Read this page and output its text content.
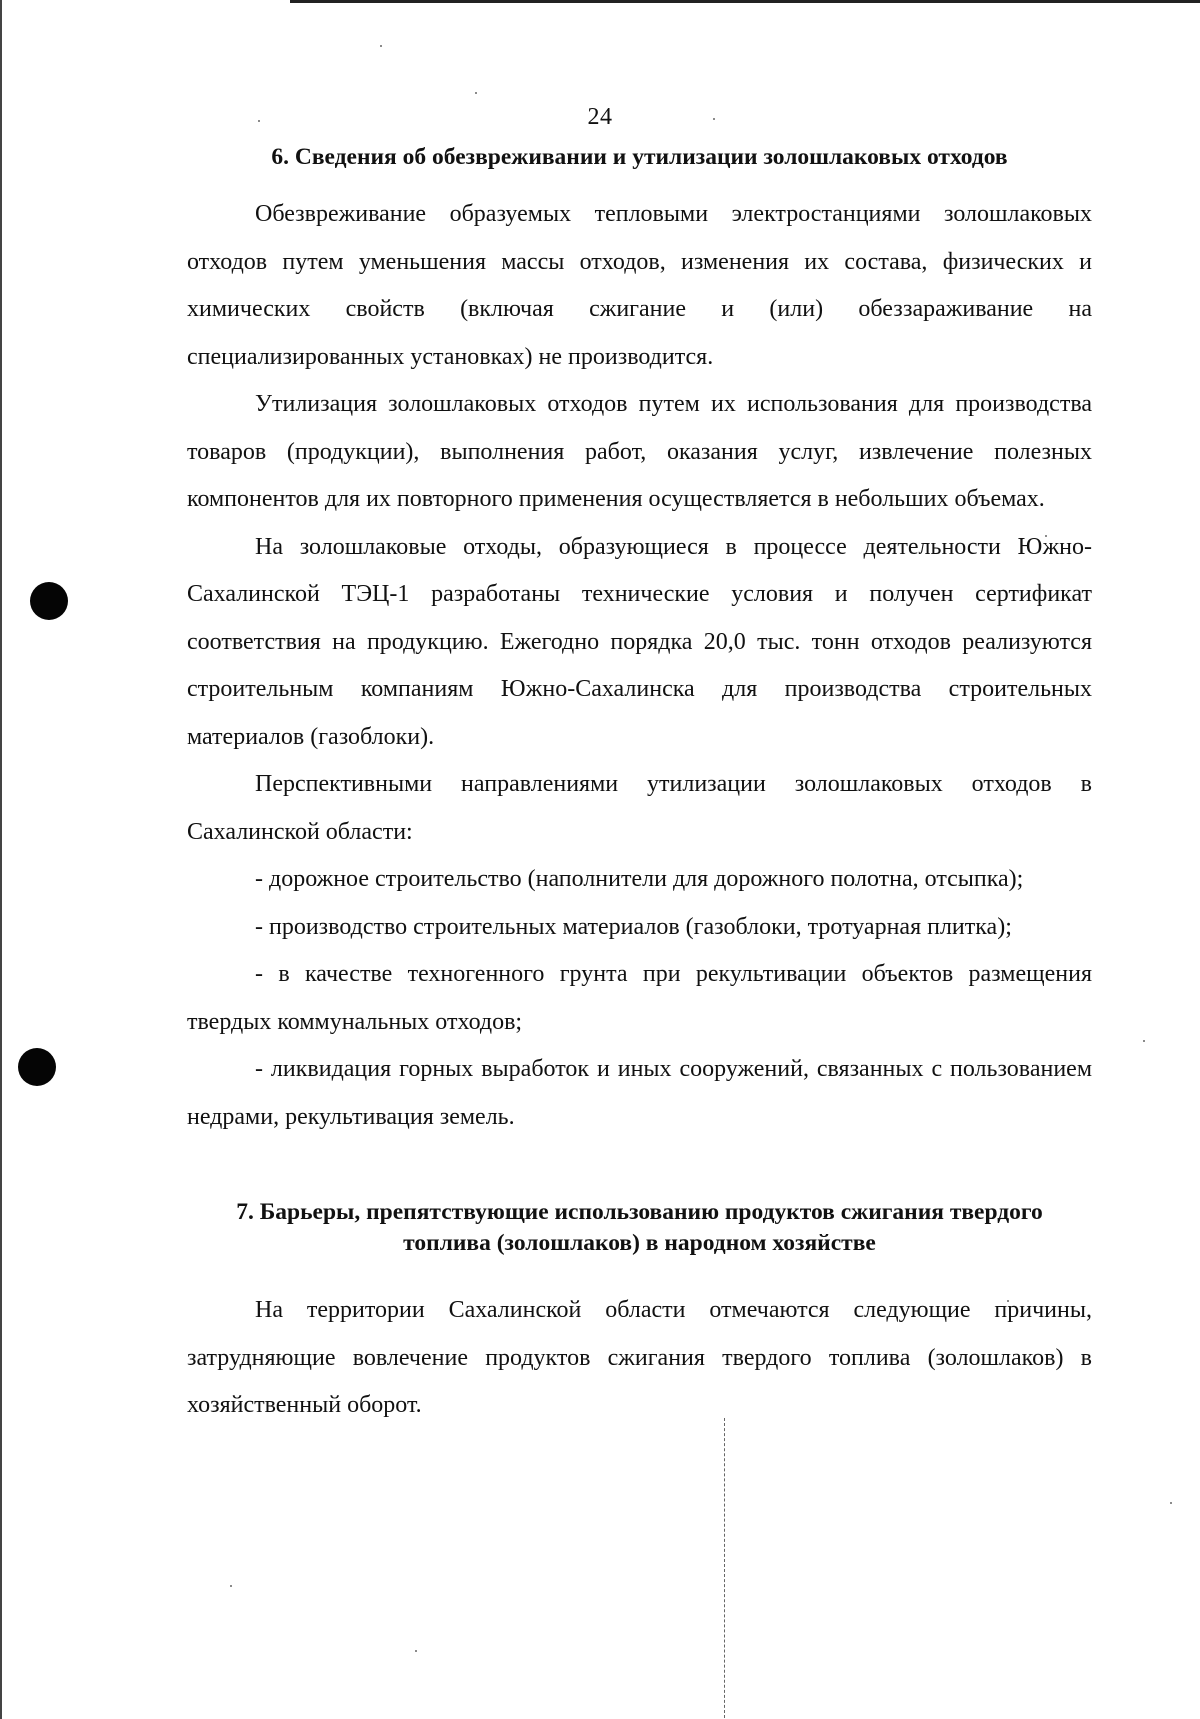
24
6. Сведения об обезвреживании и утилизации золошлаковых отходов

Обезвреживание образуемых тепловыми электростанциями золошлаковых отходов путем уменьшения массы отходов, изменения их состава, физических и химических свойств (включая сжигание и (или) обеззараживание на специализированных установках) не производится.

Утилизация золошлаковых отходов путем их использования для производства товаров (продукции), выполнения работ, оказания услуг, извлечение полезных компонентов для их повторного применения осуществляется в небольших объемах.

На золошлаковые отходы, образующиеся в процессе деятельности Южно-Сахалинской ТЭЦ-1 разработаны технические условия и получен сертификат соответствия на продукцию. Ежегодно порядка 20,0 тыс. тонн отходов реализуются строительным компаниям Южно-Сахалинска для производства строительных материалов (газоблоки).

Перспективными направлениями утилизации золошлаковых отходов в Сахалинской области:

- дорожное строительство (наполнители для дорожного полотна, отсыпка);

- производство строительных материалов (газоблоки, тротуарная плитка);

- в качестве техногенного грунта при рекультивации объектов размещения твердых коммунальных отходов;

- ликвидация горных выработок и иных сооружений, связанных с пользованием недрами, рекультивация земель.

7. Барьеры, препятствующие использованию продуктов сжигания твердого топлива (золошлаков) в народном хозяйстве

На территории Сахалинской области отмечаются следующие причины, затрудняющие вовлечение продуктов сжигания твердого топлива (золошлаков) в хозяйственный оборот.
